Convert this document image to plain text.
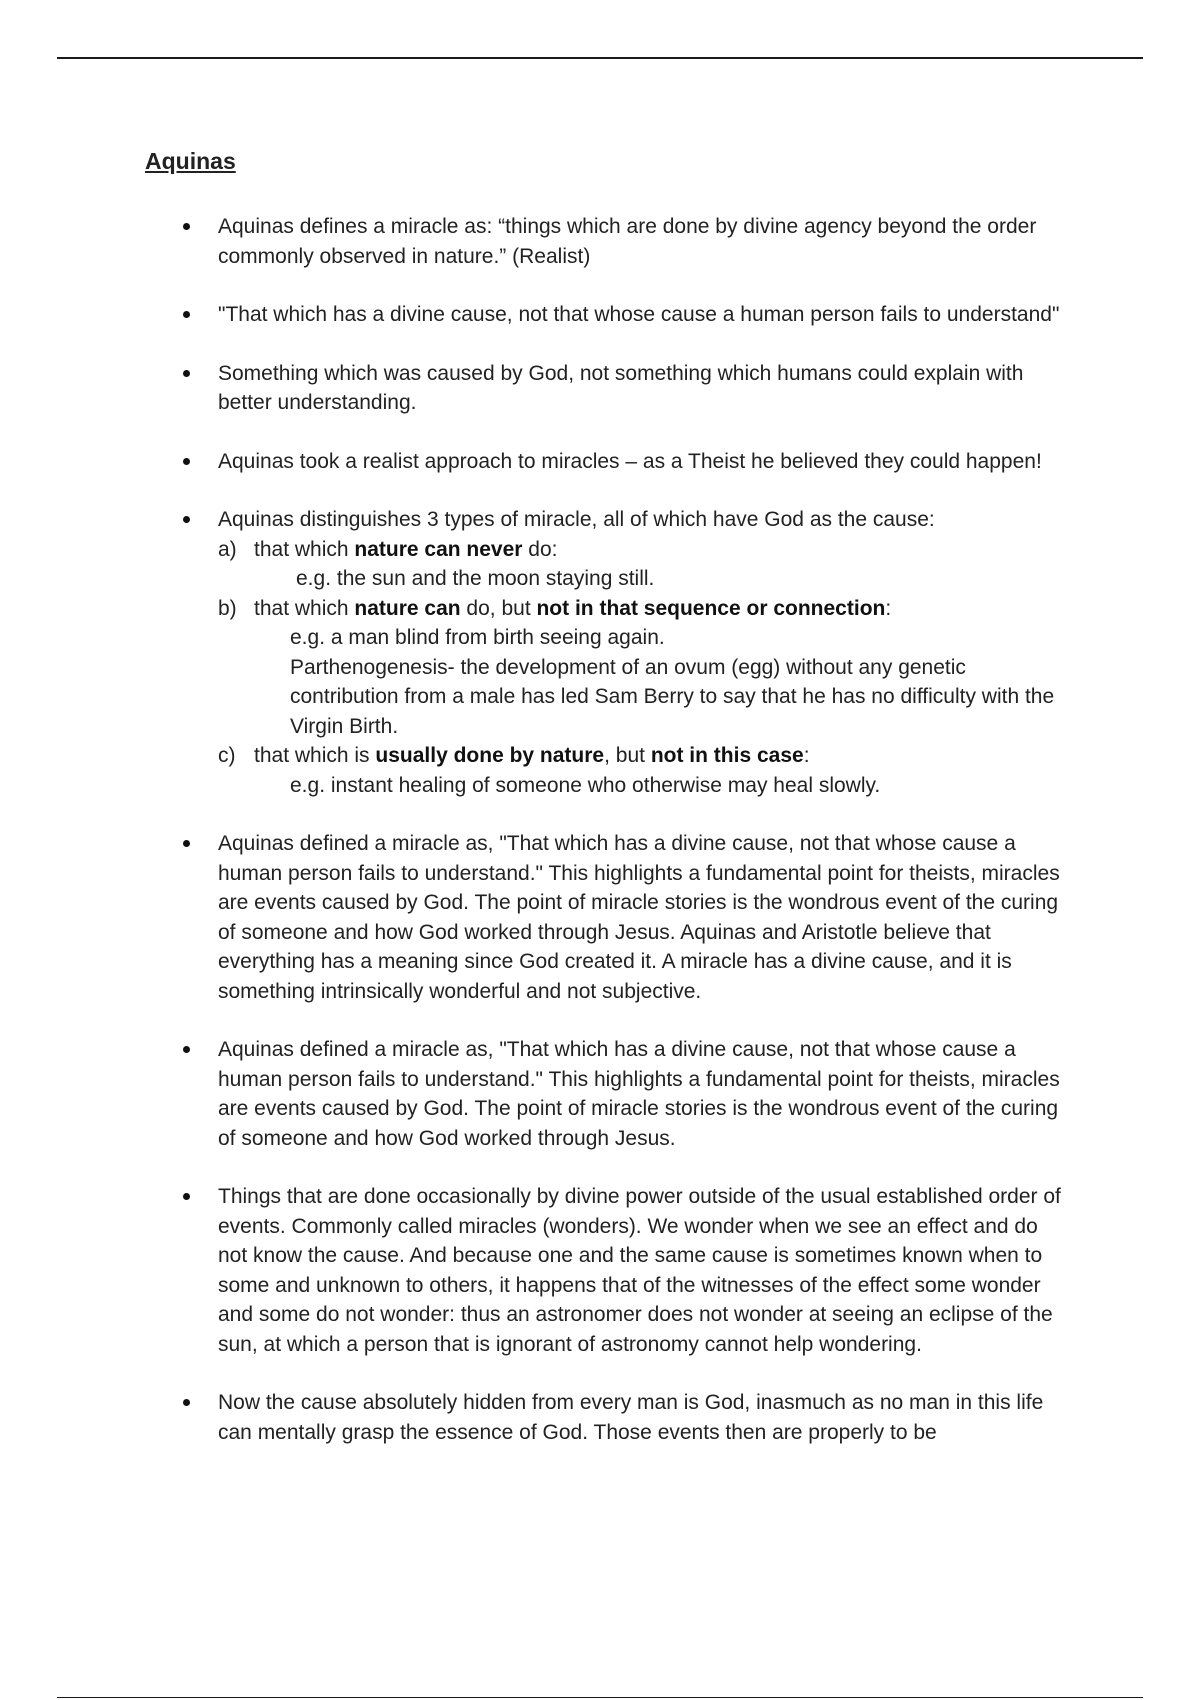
Aquinas
Aquinas defines a miracle as: “things which are done by divine agency beyond the order commonly observed in nature.” (Realist)
"That which has a divine cause, not that whose cause a human person fails to understand"
Something which was caused by God, not something which humans could explain with better understanding.
Aquinas took a realist approach to miracles – as a Theist he believed they could happen!
Aquinas distinguishes 3 types of miracle, all of which have God as the cause:
a) that which nature can never do:
e.g. the sun and the moon staying still.
b) that which nature can do, but not in that sequence or connection:
e.g. a man blind from birth seeing again.
Parthenogenesis- the development of an ovum (egg) without any genetic contribution from a male has led Sam Berry to say that he has no difficulty with the Virgin Birth.
c) that which is usually done by nature, but not in this case:
e.g. instant healing of someone who otherwise may heal slowly.
Aquinas defined a miracle as, "That which has a divine cause, not that whose cause a human person fails to understand." This highlights a fundamental point for theists, miracles are events caused by God. The point of miracle stories is the wondrous event of the curing of someone and how God worked through Jesus. Aquinas and Aristotle believe that everything has a meaning since God created it. A miracle has a divine cause, and it is something intrinsically wonderful and not subjective.
Aquinas defined a miracle as, "That which has a divine cause, not that whose cause a human person fails to understand." This highlights a fundamental point for theists, miracles are events caused by God. The point of miracle stories is the wondrous event of the curing of someone and how God worked through Jesus.
Things that are done occasionally by divine power outside of the usual established order of events. Commonly called miracles (wonders). We wonder when we see an effect and do not know the cause. And because one and the same cause is sometimes known when to some and unknown to others, it happens that of the witnesses of the effect some wonder and some do not wonder: thus an astronomer does not wonder at seeing an eclipse of the sun, at which a person that is ignorant of astronomy cannot help wondering.
Now the cause absolutely hidden from every man is God, inasmuch as no man in this life can mentally grasp the essence of God. Those events then are properly to be
